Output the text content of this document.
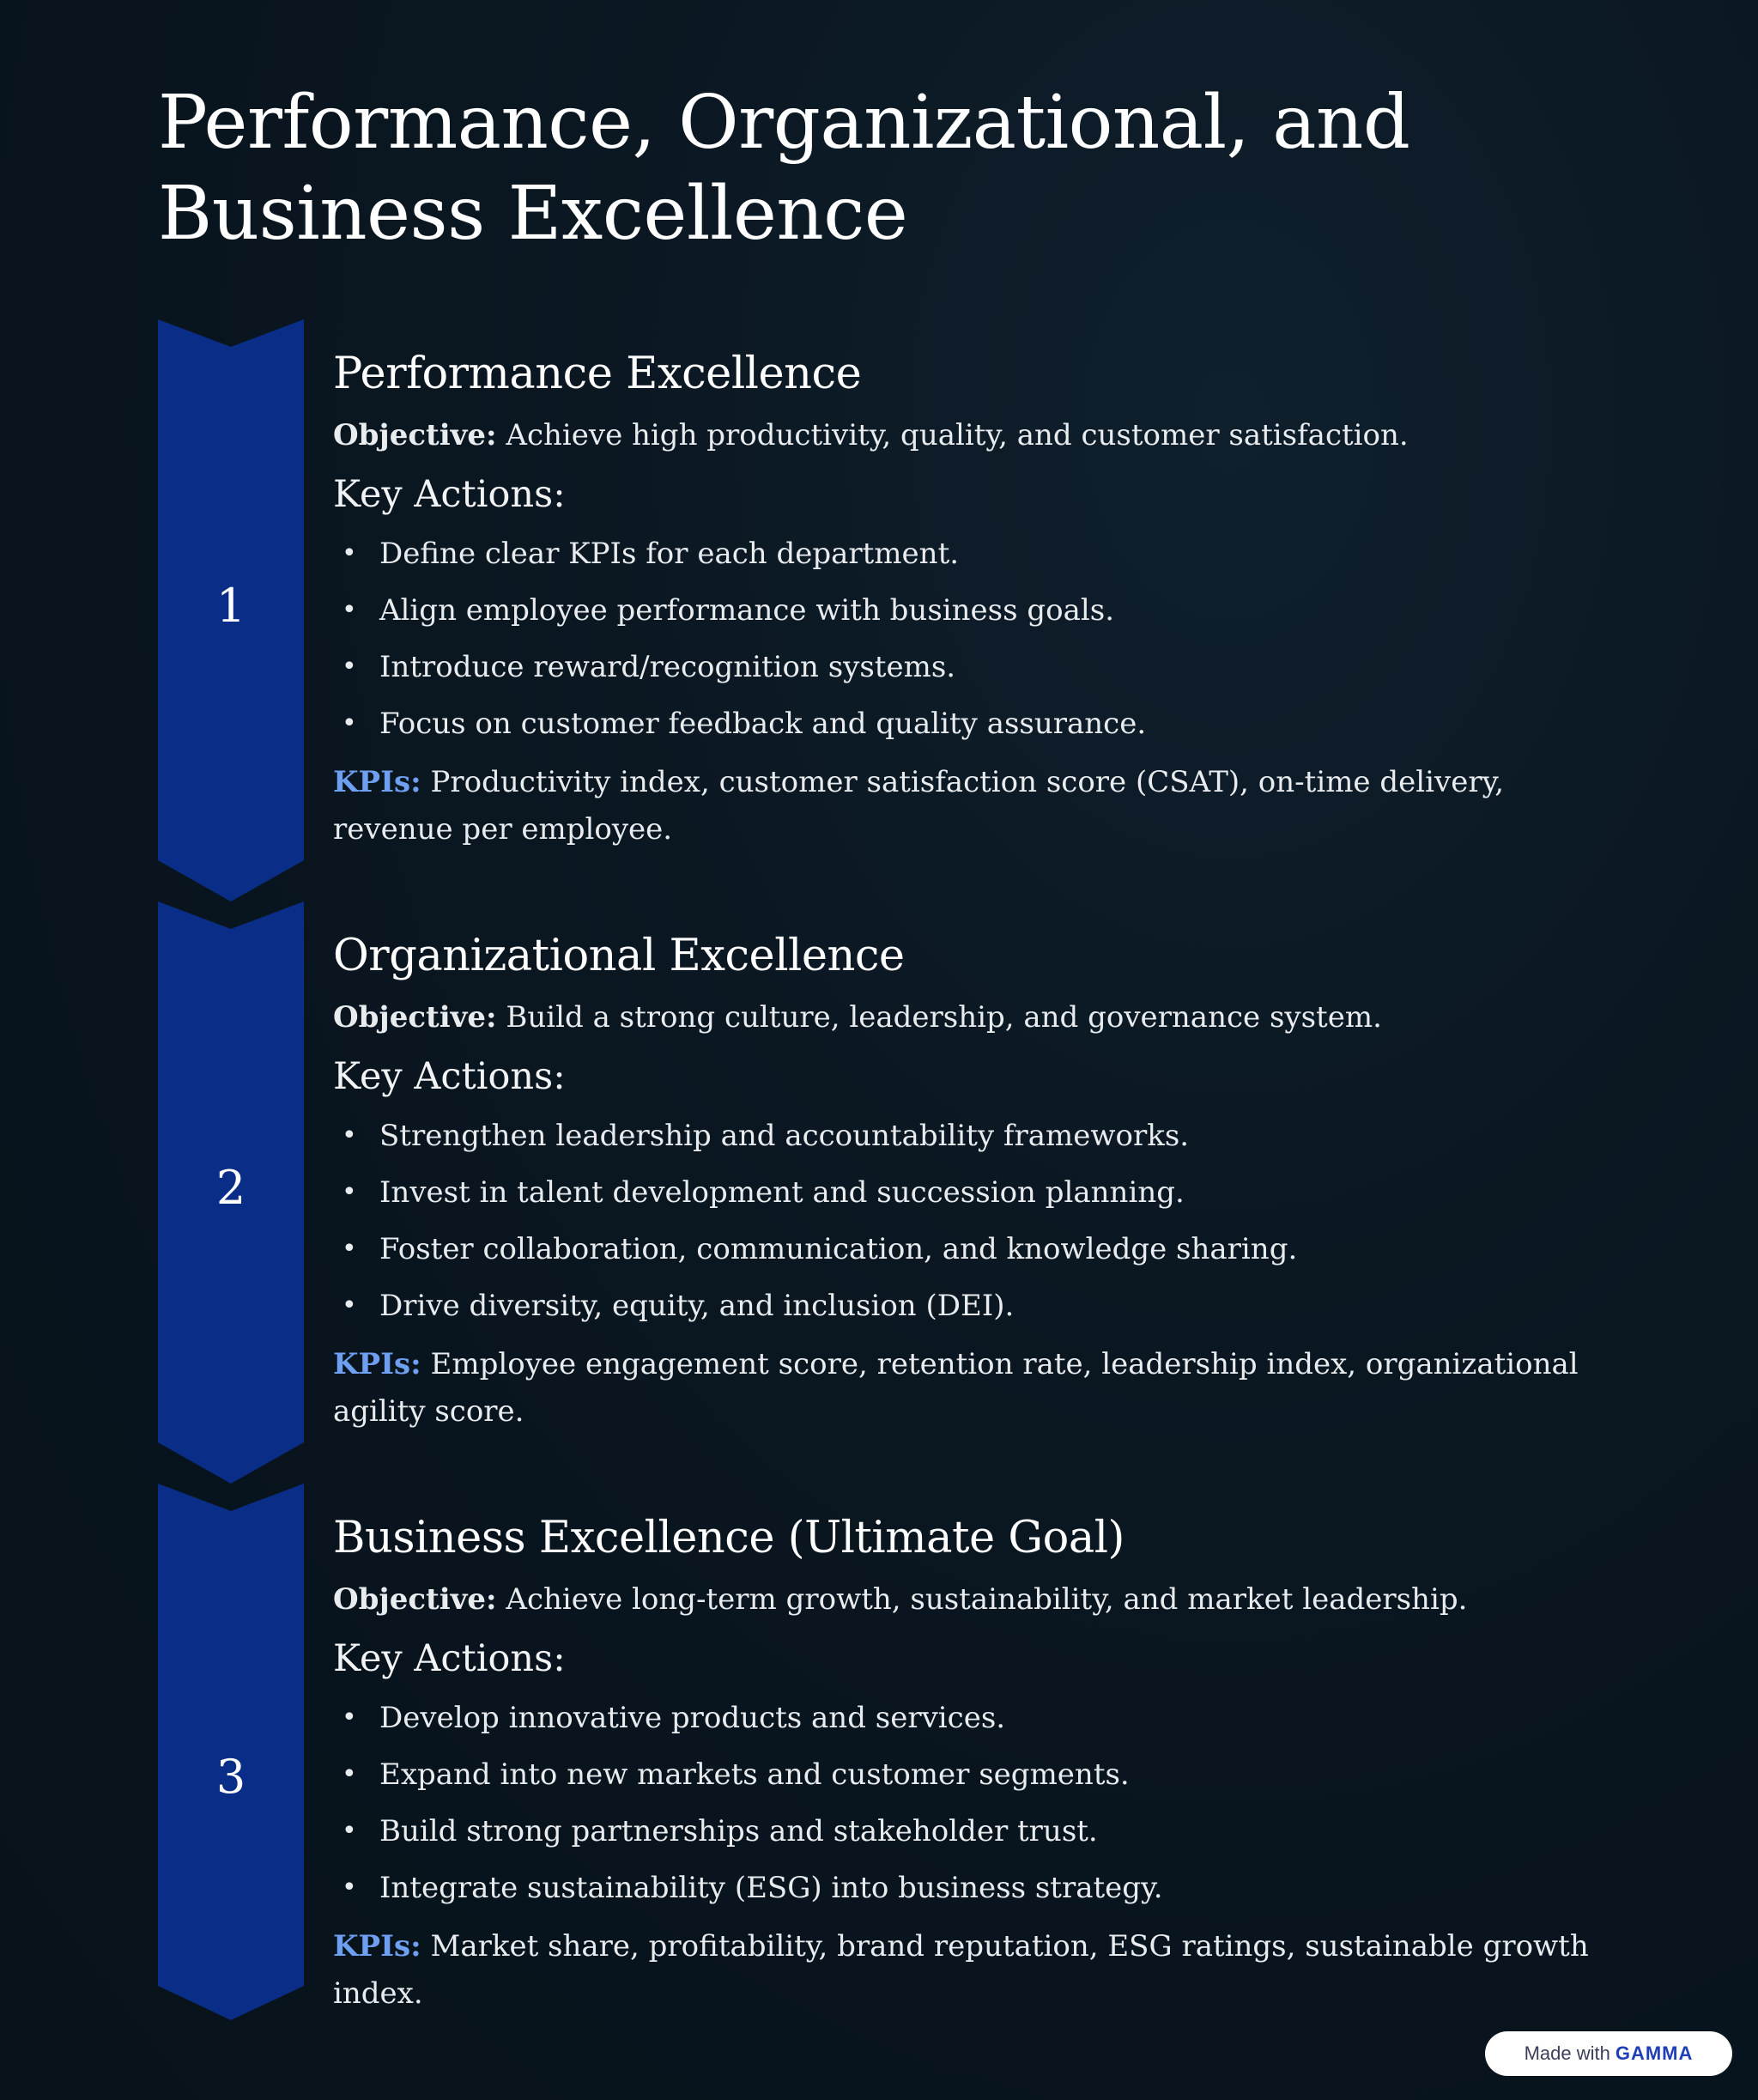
Performance, Organizational, and Business Excellence
1
Performance Excellence

Objective: Achieve high productivity, quality, and customer satisfaction.

Key Actions:
• Define clear KPIs for each department.
• Align employee performance with business goals.
• Introduce reward/recognition systems.
• Focus on customer feedback and quality assurance.

KPIs: Productivity index, customer satisfaction score (CSAT), on-time delivery, revenue per employee.

2
Organizational Excellence

Objective: Build a strong culture, leadership, and governance system.

Key Actions:
• Strengthen leadership and accountability frameworks.
• Invest in talent development and succession planning.
• Foster collaboration, communication, and knowledge sharing.
• Drive diversity, equity, and inclusion (DEI).

KPIs: Employee engagement score, retention rate, leadership index, organizational agility score.

3
Business Excellence (Ultimate Goal)

Objective: Achieve long-term growth, sustainability, and market leadership.

Key Actions:
• Develop innovative products and services.
• Expand into new markets and customer segments.
• Build strong partnerships and stakeholder trust.
• Integrate sustainability (ESG) into business strategy.

KPIs: Market share, profitability, brand reputation, ESG ratings, sustainable growth index.

Made with GAMMA
